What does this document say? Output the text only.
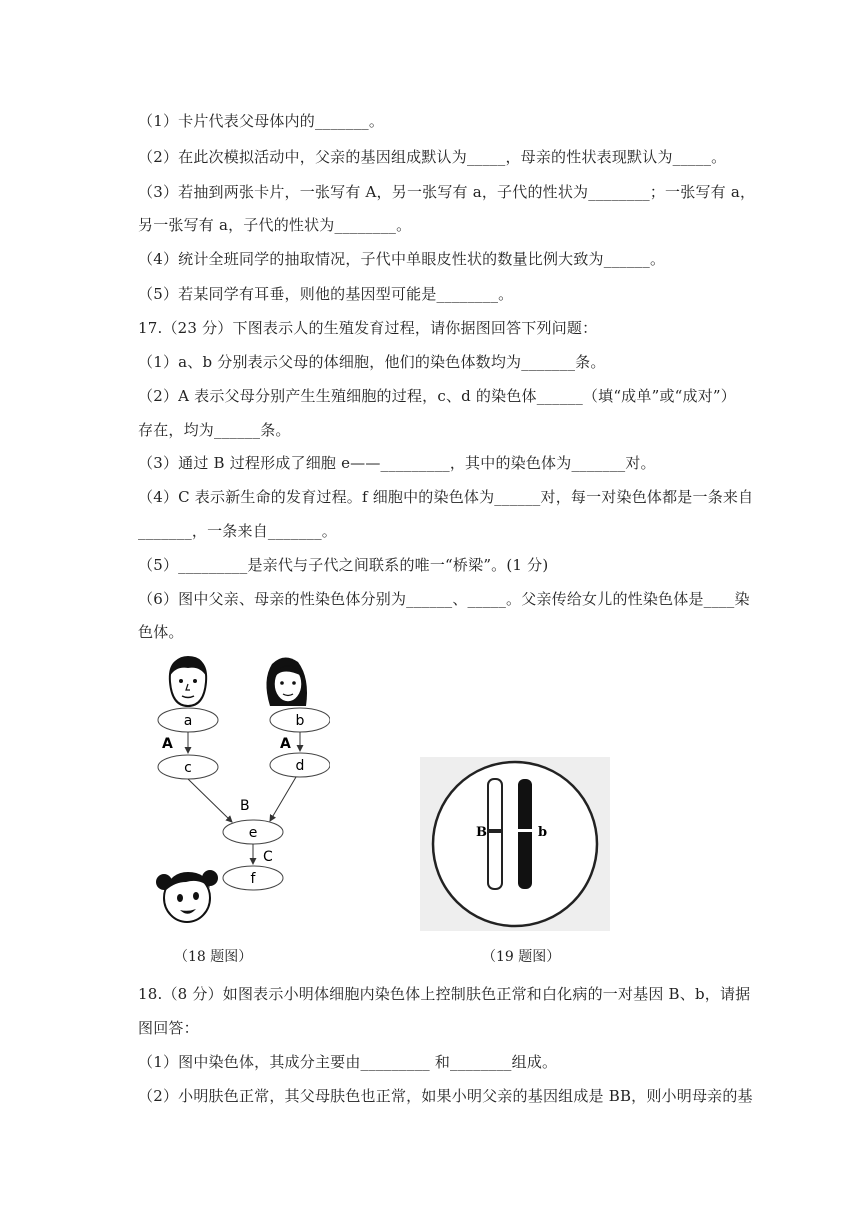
（1）卡片代表父母体内的_______。
（2）在此次模拟活动中，父亲的基因组成默认为_____，母亲的性状表现默认为_____。
（3）若抽到两张卡片，一张写有 A，另一张写有 a，子代的性状为________；一张写有 a，
另一张写有 a，子代的性状为________。
（4）统计全班同学的抽取情况，子代中单眼皮性状的数量比例大致为______。
（5）若某同学有耳垂，则他的基因型可能是________。
17.（23 分）下图表示人的生殖发育过程，请你据图回答下列问题：
（1）a、b 分别表示父母的体细胞，他们的染色体数均为_______条。
（2）A 表示父母分别产生生殖细胞的过程，c、d 的染色体______（填“成单”或“成对”）
存在，均为______条。
（3）通过 B 过程形成了细胞 e——_________，其中的染色体为_______对。
（4）C 表示新生命的发育过程。f 细胞中的染色体为______对，每一对染色体都是一条来自
_______，一条来自_______。
（5）_________是亲代与子代之间联系的唯一“桥梁”。(1 分)
（6）图中父亲、母亲的性染色体分别为______、_____。父亲传给女儿的性染色体是____染
色体。
a	b
c	d
e
f
A	A
B
C
（18 题图）
B	b
（19 题图）
18.（8 分）如图表示小明体细胞内染色体上控制肤色正常和白化病的一对基因 B、b，请据
图回答：
（1）图中染色体，其成分主要由_________ 和________组成。
（2）小明肤色正常，其父母肤色也正常，如果小明父亲的基因组成是 BB，则小明母亲的基
